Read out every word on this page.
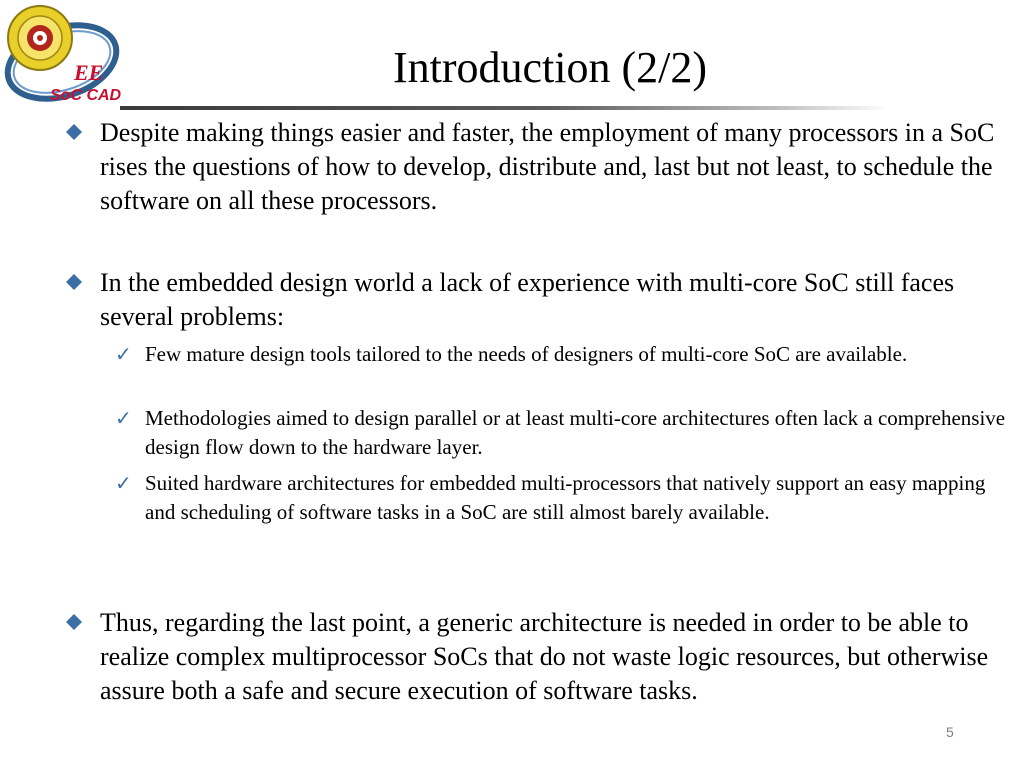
EE
SoC CAD
Introduction (2/2)
Despite making things easier and faster, the employment of many processors in a SoC rises the questions of how to develop, distribute and, last but not least, to schedule the software on all these processors.
In the embedded design world a lack of experience with multi-core SoC still faces several problems:
✓ Few mature design tools tailored to the needs of designers of multi-core SoC are available.
✓ Methodologies aimed to design parallel or at least multi-core architectures often lack a comprehensive design flow down to the hardware layer.
✓ Suited hardware architectures for embedded multi-processors that natively support an easy mapping and scheduling of software tasks in a SoC are still almost barely available.
Thus, regarding the last point, a generic architecture is needed in order to be able to realize complex multiprocessor SoCs that do not waste logic resources, but otherwise assure both a safe and secure execution of software tasks.
5
